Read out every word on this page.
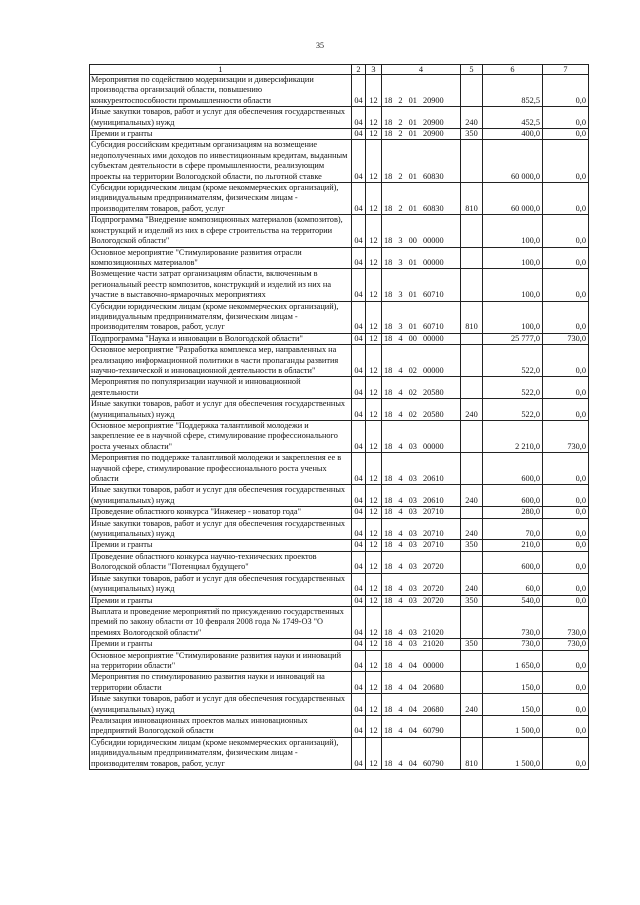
35
1	2	3	4	5	6	7
Мероприятия по содействию модернизации и диверсификации производства организаций области, повышению конкурентоспособности промышленности области	04	12	18 2 01 20900		852,5	0,0
Иные закупки товаров, работ и услуг для обеспечения государственных (муниципальных) нужд	04	12	18 2 01 20900	240	452,5	0,0
Премии и гранты	04	12	18 2 01 20900	350	400,0	0,0
Субсидия российским кредитным организациям на возмещение недополученных ими доходов по инвестиционным кредитам, выданным субъектам деятельности в сфере промышленности, реализующим проекты на территории Вологодской области, по льготной ставке	04	12	18 2 01 60830		60 000,0	0,0
Субсидии юридическим лицам (кроме некоммерческих организаций), индивидуальным предпринимателям, физическим лицам - производителям товаров, работ, услуг	04	12	18 2 01 60830	810	60 000,0	0,0
Подпрограмма "Внедрение композиционных материалов (композитов), конструкций и изделий из них в сфере строительства на территории Вологодской области"	04	12	18 3 00 00000		100,0	0,0
Основное мероприятие "Стимулирование развития отрасли композиционных материалов"	04	12	18 3 01 00000		100,0	0,0
Возмещение части затрат организациям области, включенным в региональный реестр композитов, конструкций и изделий из них на участие в выставочно-ярмарочных мероприятиях	04	12	18 3 01 60710		100,0	0,0
Субсидии юридическим лицам (кроме некоммерческих организаций), индивидуальным предпринимателям, физическим лицам - производителям товаров, работ, услуг	04	12	18 3 01 60710	810	100,0	0,0
Подпрограмма "Наука и инновации в Вологодской области"	04	12	18 4 00 00000		25 777,0	730,0
Основное мероприятие "Разработка комплекса мер, направленных на реализацию информационной политики в части пропаганды развития научно-технической и инновационной деятельности в области"	04	12	18 4 02 00000		522,0	0,0
Мероприятия по популяризации научной и инновационной деятельности	04	12	18 4 02 20580		522,0	0,0
Иные закупки товаров, работ и услуг для обеспечения государственных (муниципальных) нужд	04	12	18 4 02 20580	240	522,0	0,0
Основное мероприятие "Поддержка талантливой молодежи и закрепление ее в научной сфере, стимулирование профессионального роста ученых области"	04	12	18 4 03 00000		2 210,0	730,0
Мероприятия по поддержке талантливой молодежи и закрепления ее в научной сфере, стимулирование профессионального роста ученых области	04	12	18 4 03 20610		600,0	0,0
Иные закупки товаров, работ и услуг для обеспечения государственных (муниципальных) нужд	04	12	18 4 03 20610	240	600,0	0,0
Проведение областного конкурса "Инженер - новатор года"	04	12	18 4 03 20710		280,0	0,0
Иные закупки товаров, работ и услуг для обеспечения государственных (муниципальных) нужд	04	12	18 4 03 20710	240	70,0	0,0
Премии и гранты	04	12	18 4 03 20710	350	210,0	0,0
Проведение областного конкурса научно-технических проектов Вологодской области "Потенциал будущего"	04	12	18 4 03 20720		600,0	0,0
Иные закупки товаров, работ и услуг для обеспечения государственных (муниципальных) нужд	04	12	18 4 03 20720	240	60,0	0,0
Премии и гранты	04	12	18 4 03 20720	350	540,0	0,0
Выплата и проведение мероприятий по присуждению государственных премий по закону области от 10 февраля 2008 года № 1749-ОЗ "О премиях Вологодской области"	04	12	18 4 03 21020		730,0	730,0
Премии и гранты	04	12	18 4 03 21020	350	730,0	730,0
Основное мероприятие "Стимулирование развития науки и инноваций на территории области"	04	12	18 4 04 00000		1 650,0	0,0
Мероприятия по стимулированию развития науки и инноваций на территории области	04	12	18 4 04 20680		150,0	0,0
Иные закупки товаров, работ и услуг для обеспечения государственных (муниципальных) нужд	04	12	18 4 04 20680	240	150,0	0,0
Реализация инновационных проектов малых инновационных предприятий Вологодской области	04	12	18 4 04 60790		1 500,0	0,0
Субсидии юридическим лицам (кроме некоммерческих организаций), индивидуальным предпринимателям, физическим лицам - производителям товаров, работ, услуг	04	12	18 4 04 60790	810	1 500,0	0,0
